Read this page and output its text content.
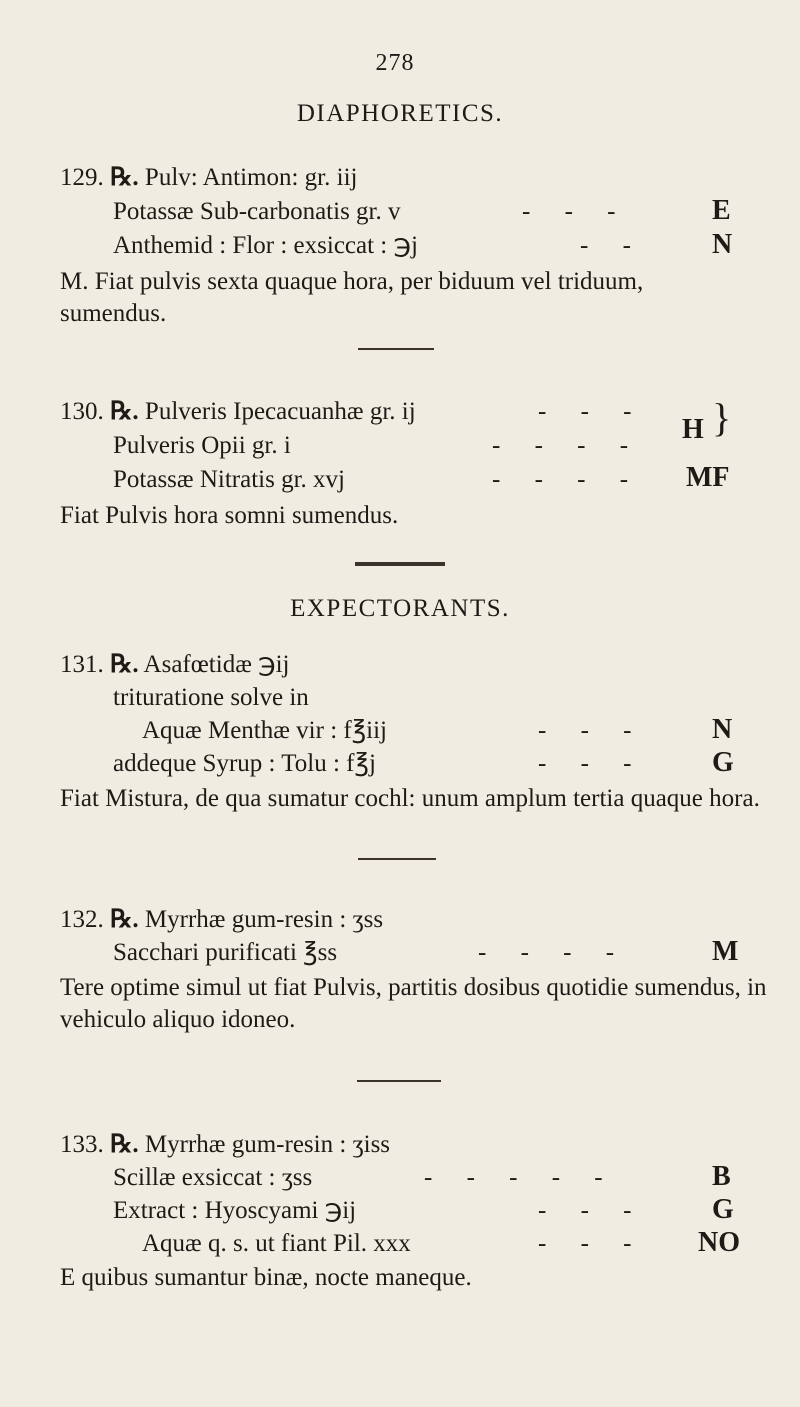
278
DIAPHORETICS.
129. ℞. Pulv: Antimon: gr. iij
Potassæ Sub-carbonatis gr. v	- - -	E
Anthemid : Flor : exsiccat : ℈j	- - N
M. Fiat pulvis sexta quaque hora, per biduum vel triduum, sumendus.
130. ℞. Pulveris Ipecacuanhæ gr. ij	- - -
Pulveris Opii gr. i	- - - -
H }
Potassæ Nitratis gr. xvj	- - - - MF
Fiat Pulvis hora somni sumendus.
EXPECTORANTS.
131. ℞. Asafœtidæ ℈ij
trituratione solve in
Aquæ Menthæ vir : f℥iij	- - - N
addeque Syrup : Tolu : f℥j	- - - G
Fiat Mistura, de qua sumatur cochl: unum amplum tertia quaque hora.
132. ℞. Myrrhæ gum-resin : ʒss
Sacchari purificati ℥ss	- - - -	M
Tere optime simul ut fiat Pulvis, partitis dosibus quotidie sumendus, in vehiculo aliquo idoneo.
133. ℞. Myrrhæ gum-resin : ʒiss
Scillæ exsiccat : ʒss	- - - - -	B
Extract : Hyoscyami ℈ij	- - - G
Aquæ q. s. ut fiant Pil. xxx	- - - NO
E quibus sumantur binæ, nocte maneque.
